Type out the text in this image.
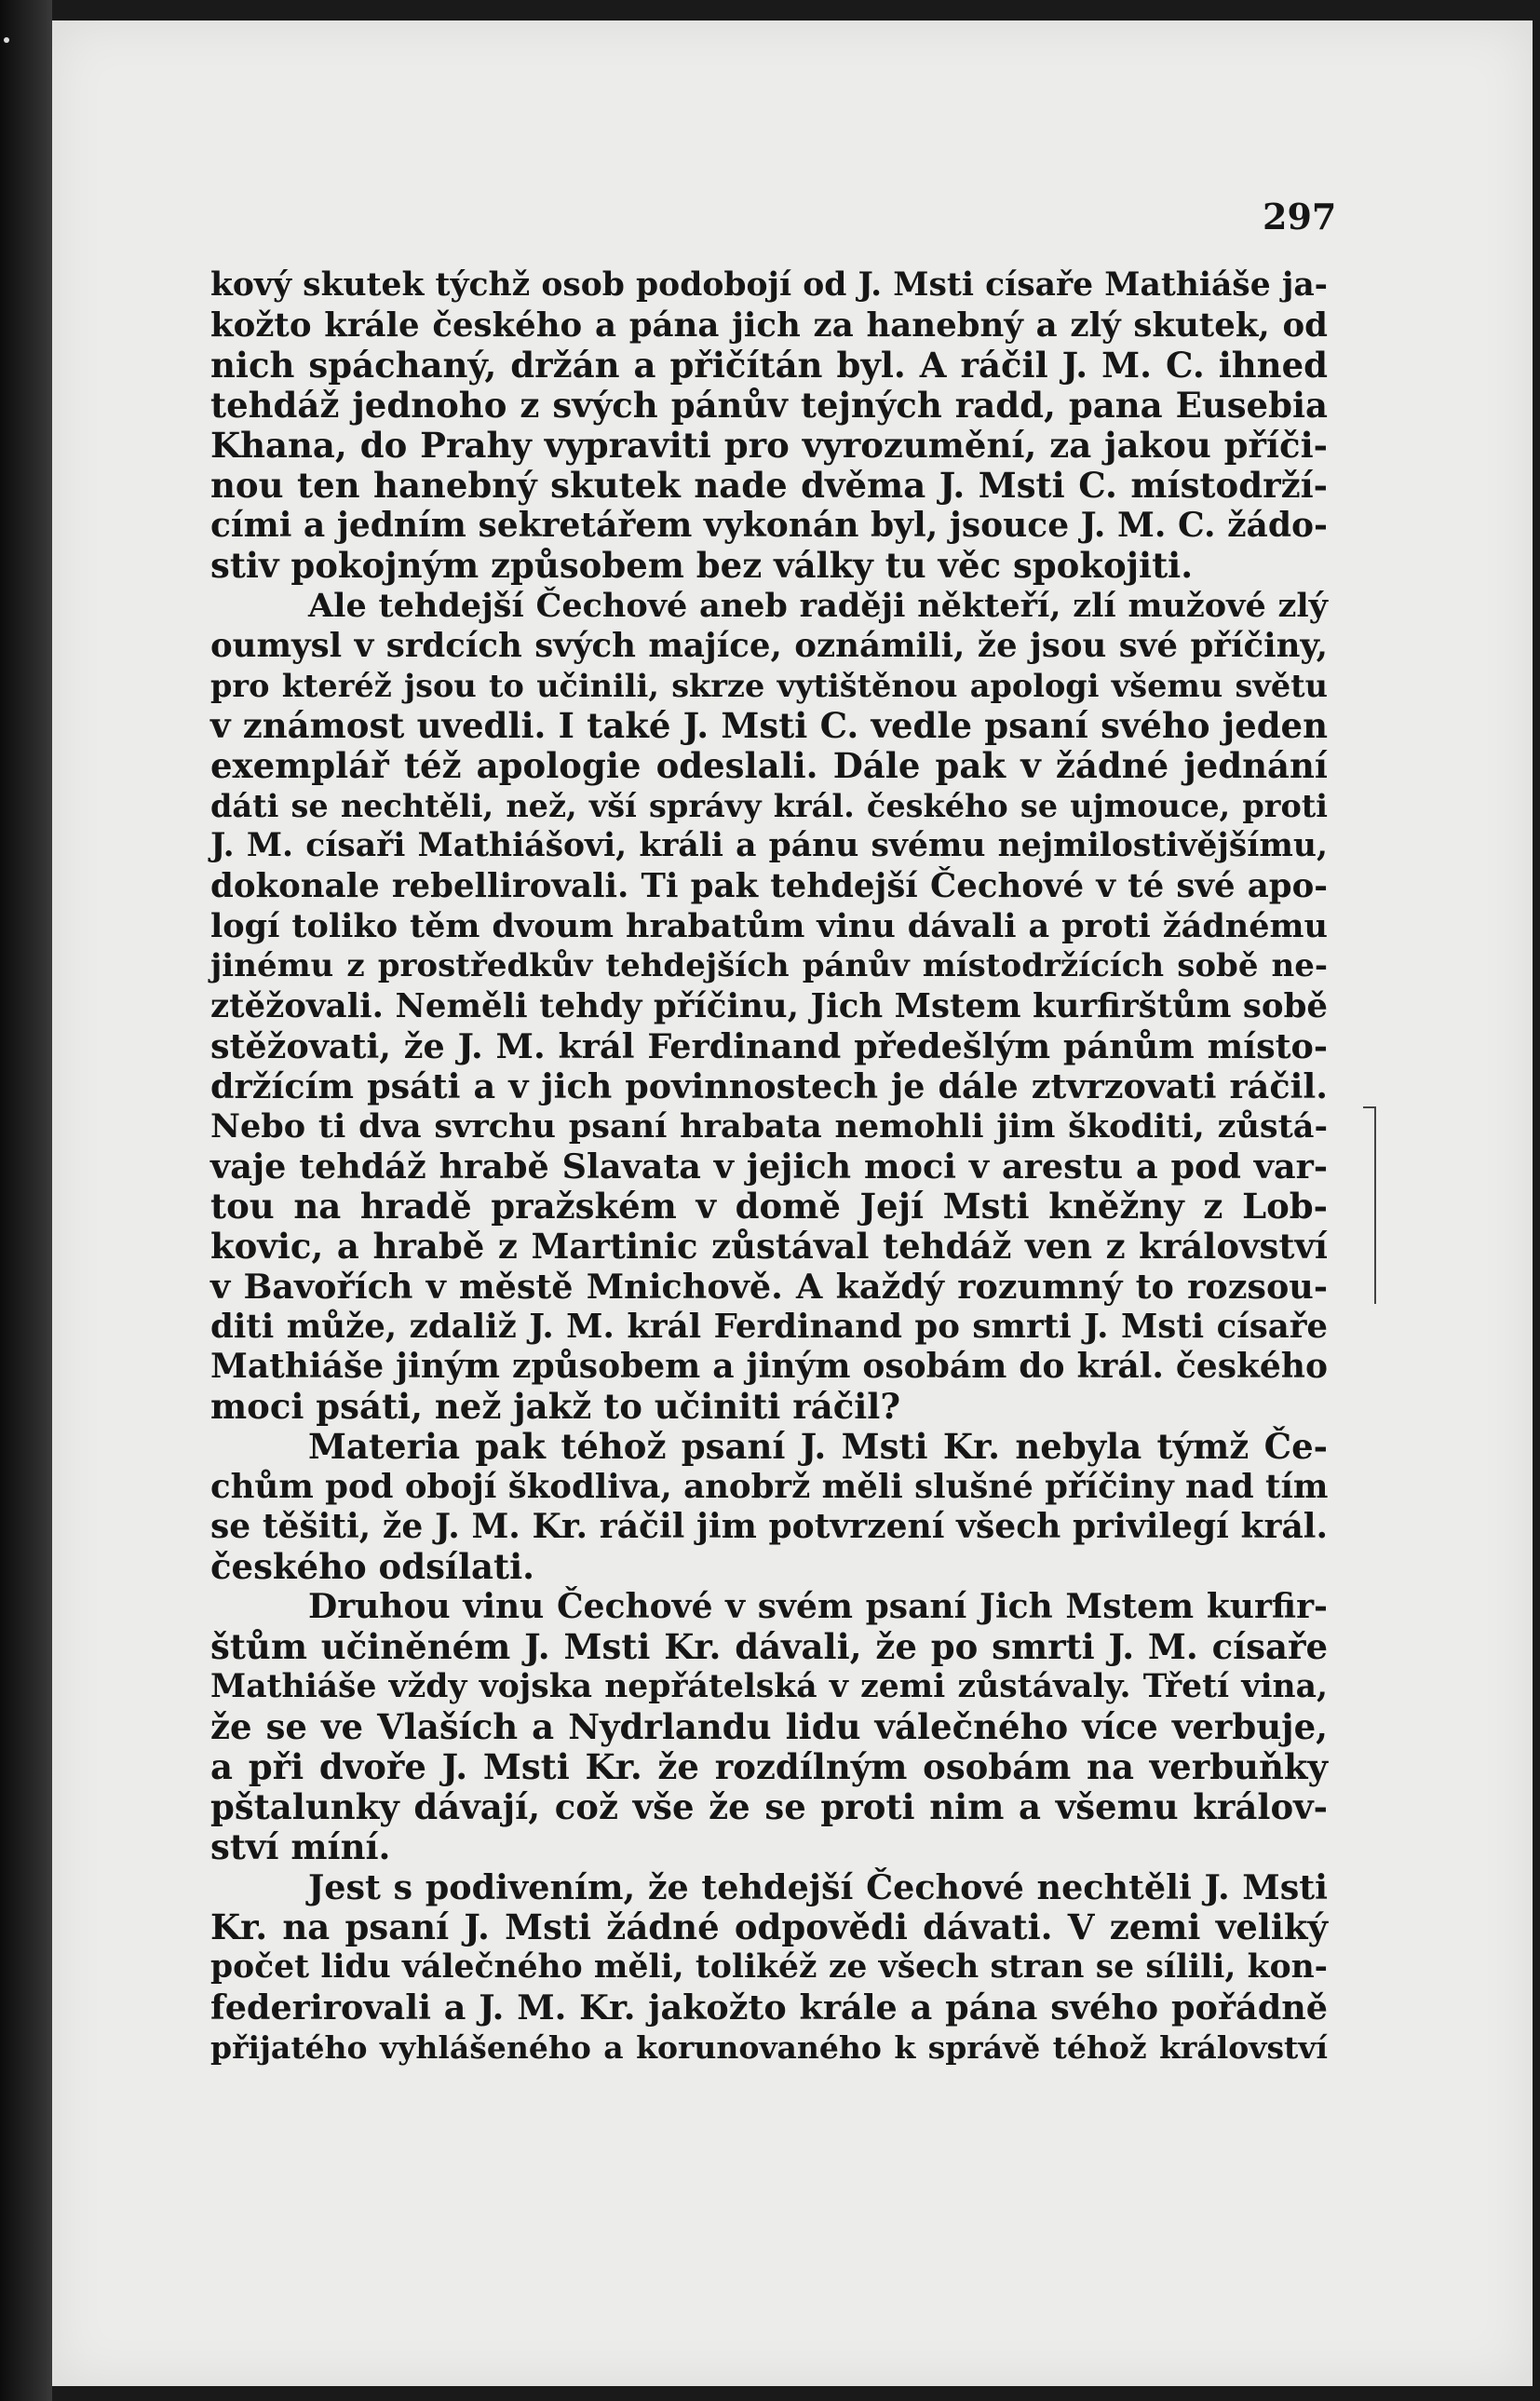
297

kový skutek týchž osob podobojí od J. Msti císaře Mathiáše ja-
kožto krále českého a pána jich za hanebný a zlý skutek, od
nich spáchaný, držán a přičítán byl. A ráčil J. M. C. ihned
tehdáž jednoho z svých pánův tejných radd, pana Eusebia
Khana, do Prahy vypraviti pro vyrozumění, za jakou příči-
nou ten hanebný skutek nade dvěma J. Msti C. místodrží-
cími a jedním sekretářem vykonán byl, jsouce J. M. C. žádo-
stiv pokojným způsobem bez války tu věc spokojiti.
Ale tehdejší Čechové aneb raději někteří, zlí mužové zlý
oumysl v srdcích svých majíce, oznámili, že jsou své příčiny,
pro kteréž jsou to učinili, skrze vytištěnou apologi všemu světu
v známost uvedli. I také J. Msti C. vedle psaní svého jeden
exemplář též apologie odeslali. Dále pak v žádné jednání
dáti se nechtěli, než, vší správy král. českého se ujmouce, proti
J. M. císaři Mathiášovi, králi a pánu svému nejmilostivějšímu,
dokonale rebellirovali. Ti pak tehdejší Čechové v té své apo-
logí toliko těm dvoum hrabatům vinu dávali a proti žádnému
jinému z prostředkův tehdejších pánův místodržících sobě ne-
ztěžovali. Neměli tehdy příčinu, Jich Mstem kurfirštům sobě
stěžovati, že J. M. král Ferdinand předešlým pánům místo-
držícím psáti a v jich povinnostech je dále ztvrzovati ráčil.
Nebo ti dva svrchu psaní hrabata nemohli jim škoditi, zůstá-
vaje tehdáž hrabě Slavata v jejich moci v arestu a pod var-
tou na hradě pražském v domě Její Msti kněžny z Lob-
kovic, a hrabě z Martinic zůstával tehdáž ven z království
v Bavořích v městě Mnichově. A každý rozumný to rozsou-
diti může, zdaliž J. M. král Ferdinand po smrti J. Msti císaře
Mathiáše jiným způsobem a jiným osobám do král. českého
moci psáti, než jakž to učiniti ráčil?
Materia pak téhož psaní J. Msti Kr. nebyla týmž Če-
chům pod obojí škodliva, anobrž měli slušné příčiny nad tím
se těšiti, že J. M. Kr. ráčil jim potvrzení všech privilegí král.
českého odsílati.
Druhou vinu Čechové v svém psaní Jich Mstem kurfir-
štům učiněném J. Msti Kr. dávali, že po smrti J. M. císaře
Mathiáše vždy vojska nepřátelská v zemi zůstávaly. Třetí vina,
že se ve Vlaších a Nydrlandu lidu válečného více verbuje,
a při dvoře J. Msti Kr. že rozdílným osobám na verbuňky
pštalunky dávají, což vše že se proti nim a všemu králov-
ství míní.
Jest s podivením, že tehdejší Čechové nechtěli J. Msti
Kr. na psaní J. Msti žádné odpovědi dávati. V zemi veliký
počet lidu válečného měli, tolikéž ze všech stran se sílili, kon-
federirovali a J. M. Kr. jakožto krále a pána svého pořádně
přijatého vyhlášeného a korunovaného k správě téhož království
